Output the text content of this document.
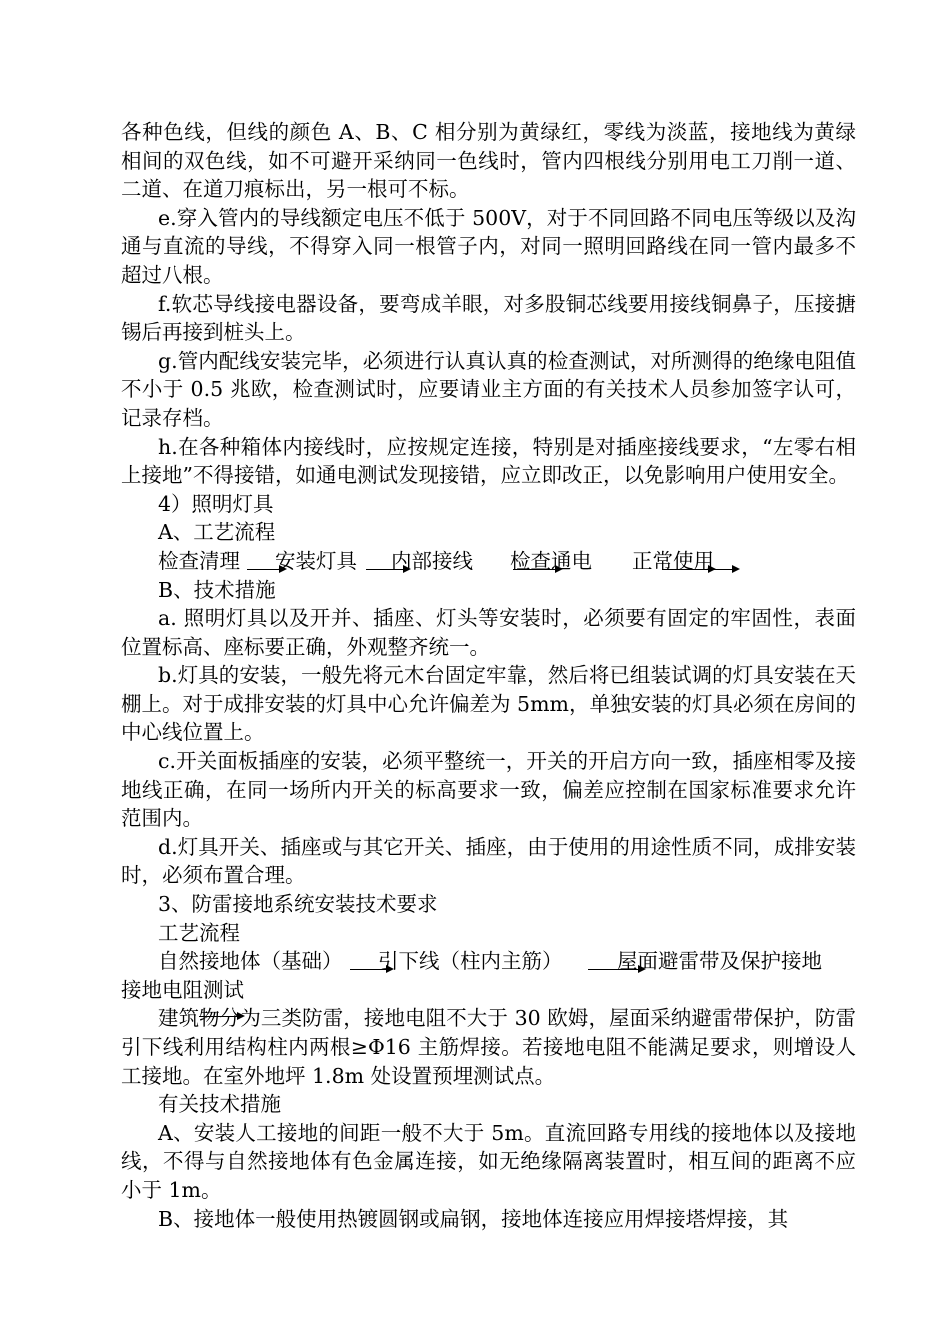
各种色线，但线的颜色 A、B、C 相分别为黄绿红，零线为淡蓝，接地线为黄绿相间的双色线，如不可避开采纳同一色线时，管内四根线分别用电工刀削一道、二道、在道刀痕标出，另一根可不标。

e.穿入管内的导线额定电压不低于 500V，对于不同回路不同电压等级以及沟通与直流的导线，不得穿入同一根管子内，对同一照明回路线在同一管内最多不超过八根。

f.软芯导线接电器设备，要弯成羊眼，对多股铜芯线要用接线铜鼻子，压接搪锡后再接到桩头上。

g.管内配线安装完毕，必须进行认真认真的检查测试，对所测得的绝缘电阻值不小于 0.5 兆欧，检查测试时，应要请业主方面的有关技术人员参加签字认可，记录存档。

h.在各种箱体内接线时，应按规定连接，特别是对插座接线要求，“左零右相上接地”不得接错，如通电测试发现接错，应立即改正，以免影响用户使用安全。

4）照明灯具

A、工艺流程

检查清理 安装灯具 内部接线 检查通电 正常使用

B、技术措施

a. 照明灯具以及开并、插座、灯头等安装时，必须要有固定的牢固性，表面位置标高、座标要正确，外观整齐统一。

b.灯具的安装，一般先将元木台固定牢靠，然后将已组装试调的灯具安装在天棚上。对于成排安装的灯具中心允许偏差为 5mm，单独安装的灯具必须在房间的中心线位置上。

c.开关面板插座的安装，必须平整统一，开关的开启方向一致，插座相零及接地线正确，在同一场所内开关的标高要求一致，偏差应控制在国家标准要求允许范围内。

d.灯具开关、插座或与其它开关、插座，由于使用的用途性质不同，成排安装时，必须布置合理。

3、防雷接地系统安装技术要求

工艺流程

自然接地体（基础） 引下线（柱内主筋）	屋面避雷带及保护接地
接地电阻测试

建筑物分为三类防雷，接地电阻不大于 30 欧姆，屋面采纳避雷带保护，防雷引下线利用结构柱内两根≥Φ16 主筋焊接。若接地电阻不能满足要求，则增设人工接地。在室外地坪 1.8m 处设置预埋测试点。

有关技术措施

A、安装人工接地的间距一般不大于 5m。直流回路专用线的接地体以及接地线，不得与自然接地体有色金属连接，如无绝缘隔离装置时，相互间的距离不应小于 1m。

B、接地体一般使用热镀圆钢或扁钢，接地体连接应用焊接塔焊接，其
